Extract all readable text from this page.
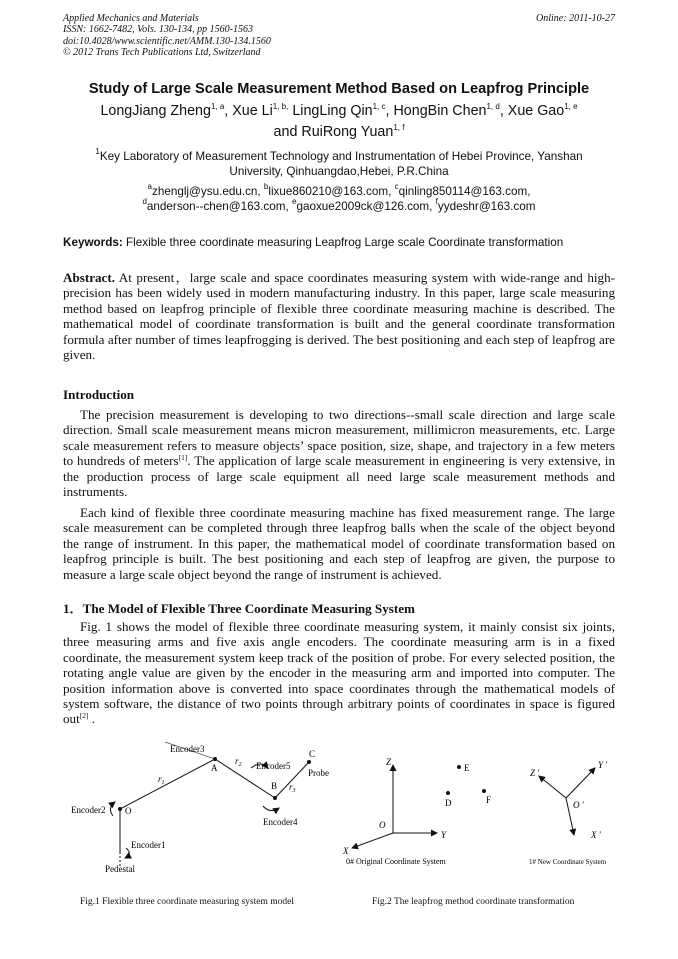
Applied Mechanics and Materials
ISSN: 1662-7482, Vols. 130-134, pp 1560-1563
doi:10.4028/www.scientific.net/AMM.130-134.1560
© 2012 Trans Tech Publications Ltd, Switzerland
Online: 2011-10-27
Study of Large Scale Measurement Method Based on Leapfrog Principle
LongJiang Zheng$^{1, a}$, Xue $Li^{1, b,}$ LingLing Qin$^{1, c}$, HongBin Chen$^{1, d}$, Xue Gao$^{1, e}$
and RuiRong Yuan$^{1, f}$
$^1$Key Laboratory of Measurement Technology and Instrumentation of Hebei Province, Yanshan
University, Qinhuangdao,Hebei, P.R.China
$^a$zhenglj@ysu.edu.cn, $^b$lixue860210@163.com, $^c$qinling850114@163.com,
$^d$anderson--chen@163.com, $^e$gaoxue2009ck@126.com, $^f$yydeshr@163.com
Keywords: Flexible three coordinate measuring Leapfrog Large scale Coordinate transformation
Abstract. At present，large scale and space coordinates measuring system with wide-range and high-precision has been widely used in modern manufacturing industry. In this paper, large scale measuring method based on leapfrog principle of flexible three coordinate measuring machine is described. The mathematical model of coordinate transformation is built and the general coordinate transformation formula after number of times leapfrogging is derived. The best positioning and each step of leapfrog are given.
Introduction
The precision measurement is developing to two directions--small scale direction and large scale direction. Small scale measurement means micron measurement, millimicron measurements, etc. Large scale measurement refers to measure objects’ space position, size, shape, and trajectory in a few meters to hundreds of meters[1]. The application of large scale measurement in engineering is very extensive, in the production process of large scale equipment all need large scale measurement methods and instruments.
Each kind of flexible three coordinate measuring machine has fixed measurement range. The large scale measurement can be completed through three leapfrog balls when the scale of the object beyond the range of instrument. In this paper, the mathematical model of coordinate transformation based on leapfrog principle is built. The best positioning and each step of leapfrog are given, the purpose to measure a large scale object beyond the range of instrument is achieved.
1．The Model of Flexible Three Coordinate Measuring System
Fig. 1 shows the model of flexible three coordinate measuring system, it mainly consist six joints, three measuring arms and five axis angle encoders. The coordinate measuring arm is in a fixed coordinate, the measurement system keep track of the position of probe. For every selected position, the rotating angle value are given by the encoder in the measuring arm and imported into computer. The position information above is converted into space coordinates through the mathematical models of system software, the distance of two points through arbitrary points of coordinates in space is figured out[2] .
Encoder3
Encoder5
Encoder2
Encoder4
Encoder1
Pedestal
Probe
A
B
C
O
$r_1$
$r_2$
$r_3$
Z
Y
X
O
E
D	F
Z ′
Y ′
X ′
O ′
0# Original Coordinate System	1# New Coordinate System
Fig.1 Flexible three coordinate measuring system model	Fig.2 The leapfrog method coordinate transformation
